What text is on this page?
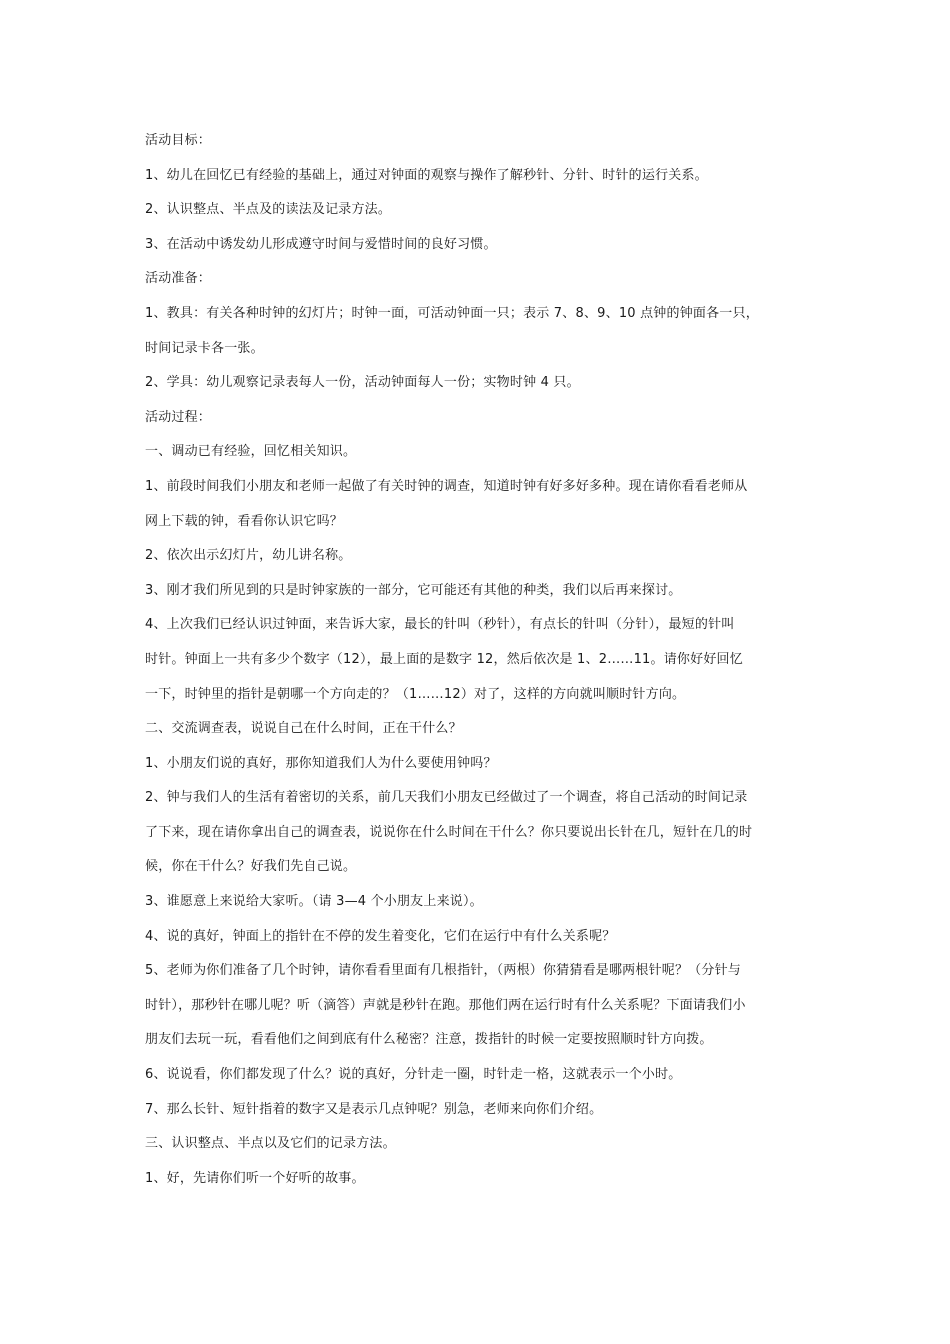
活动目标：
1、幼儿在回忆已有经验的基础上，通过对钟面的观察与操作了解秒针、分针、时针的运行关系。
2、认识整点、半点及的读法及记录方法。
3、在活动中诱发幼儿形成遵守时间与爱惜时间的良好习惯。
活动准备：
1、教具：有关各种时钟的幻灯片；时钟一面，可活动钟面一只；表示 7、8、9、10 点钟的钟面各一只，
时间记录卡各一张。
2、学具：幼儿观察记录表每人一份，活动钟面每人一份；实物时钟 4 只。
活动过程：
一、调动已有经验，回忆相关知识。
1、前段时间我们小朋友和老师一起做了有关时钟的调查，知道时钟有好多好多种。现在请你看看老师从
网上下载的钟，看看你认识它吗？
2、依次出示幻灯片，幼儿讲名称。
3、刚才我们所见到的只是时钟家族的一部分，它可能还有其他的种类，我们以后再来探讨。
4、上次我们已经认识过钟面，来告诉大家，最长的针叫（秒针），有点长的针叫（分针），最短的针叫
时针。钟面上一共有多少个数字（12），最上面的是数字 12，然后依次是 1、2……11。请你好好回忆
一下，时钟里的指针是朝哪一个方向走的？（1……12）对了，这样的方向就叫顺时针方向。
二、交流调查表，说说自己在什么时间，正在干什么？
1、小朋友们说的真好，那你知道我们人为什么要使用钟吗？
2、钟与我们人的生活有着密切的关系，前几天我们小朋友已经做过了一个调查，将自己活动的时间记录
了下来，现在请你拿出自己的调查表，说说你在什么时间在干什么？你只要说出长针在几，短针在几的时
候，你在干什么？好我们先自己说。
3、谁愿意上来说给大家听。（请 3—4 个小朋友上来说）。
4、说的真好，钟面上的指针在不停的发生着变化，它们在运行中有什么关系呢？
5、老师为你们准备了几个时钟，请你看看里面有几根指针，（两根）你猜猜看是哪两根针呢？（分针与
时针），那秒针在哪儿呢？听（滴答）声就是秒针在跑。那他们两在运行时有什么关系呢？下面请我们小
朋友们去玩一玩，看看他们之间到底有什么秘密？注意，拨指针的时候一定要按照顺时针方向拨。
6、说说看，你们都发现了什么？说的真好，分针走一圈，时针走一格，这就表示一个小时。
7、那么长针、短针指着的数字又是表示几点钟呢？别急，老师来向你们介绍。
三、认识整点、半点以及它们的记录方法。
1、好，先请你们听一个好听的故事。
